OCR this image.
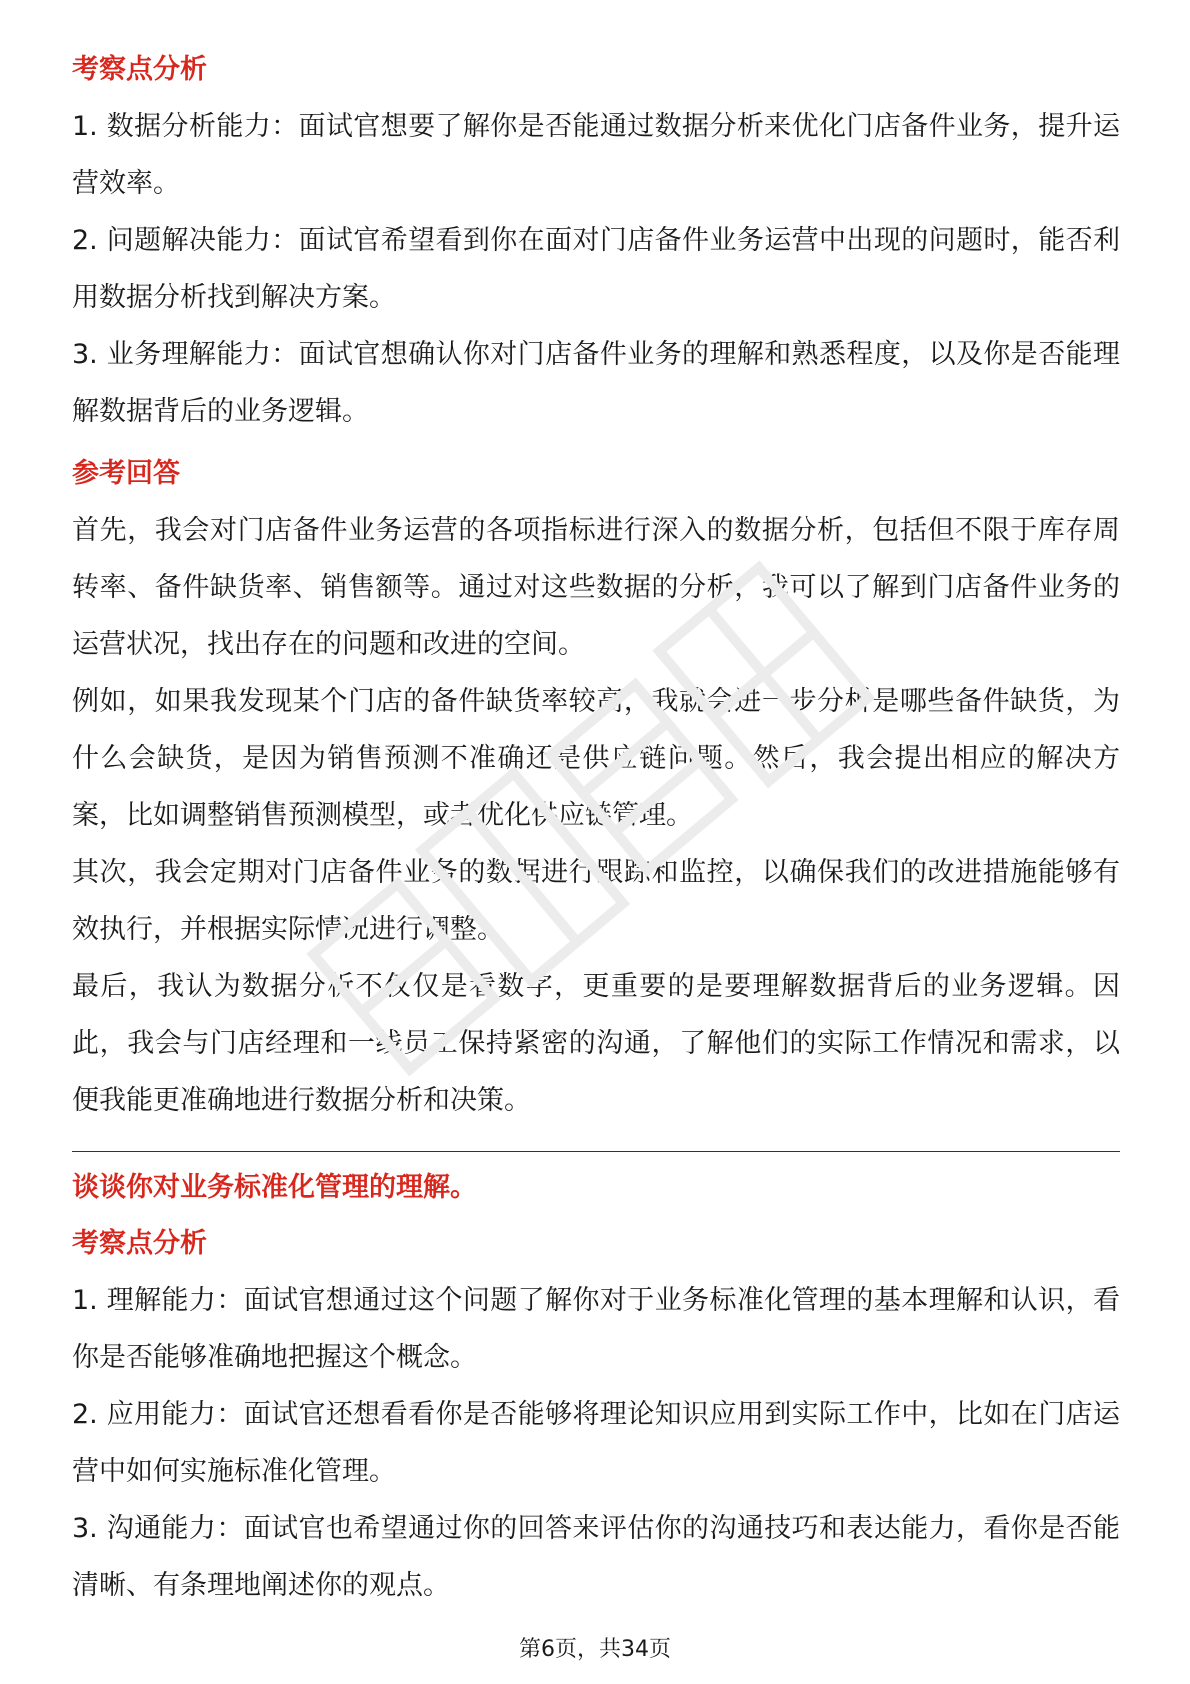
考察点分析

1. 数据分析能力：面试官想要了解你是否能通过数据分析来优化门店备件业务，提升运营效率。

2. 问题解决能力：面试官希望看到你在面对门店备件业务运营中出现的问题时，能否利用数据分析找到解决方案。

3. 业务理解能力：面试官想确认你对门店备件业务的理解和熟悉程度，以及你是否能理解数据背后的业务逻辑。

参考回答

首先，我会对门店备件业务运营的各项指标进行深入的数据分析，包括但不限于库存周转率、备件缺货率、销售额等。通过对这些数据的分析，我可以了解到门店备件业务的运营状况，找出存在的问题和改进的空间。

例如，如果我发现某个门店的备件缺货率较高，我就会进一步分析是哪些备件缺货，为什么会缺货，是因为销售预测不准确还是供应链问题。然后，我会提出相应的解决方案，比如调整销售预测模型，或者优化供应链管理。

其次，我会定期对门店备件业务的数据进行跟踪和监控，以确保我们的改进措施能够有效执行，并根据实际情况进行调整。

最后，我认为数据分析不仅仅是看数字，更重要的是要理解数据背后的业务逻辑。因此，我会与门店经理和一线员工保持紧密的沟通，了解他们的实际工作情况和需求，以便我能更准确地进行数据分析和决策。

谈谈你对业务标准化管理的理解。

考察点分析

1. 理解能力：面试官想通过这个问题了解你对于业务标准化管理的基本理解和认识，看你是否能够准确地把握这个概念。

2. 应用能力：面试官还想看看你是否能够将理论知识应用到实际工作中，比如在门店运营中如何实施标准化管理。

3. 沟通能力：面试官也希望通过你的回答来评估你的沟通技巧和表达能力，看你是否能清晰、有条理地阐述你的观点。

第6页，共34页
